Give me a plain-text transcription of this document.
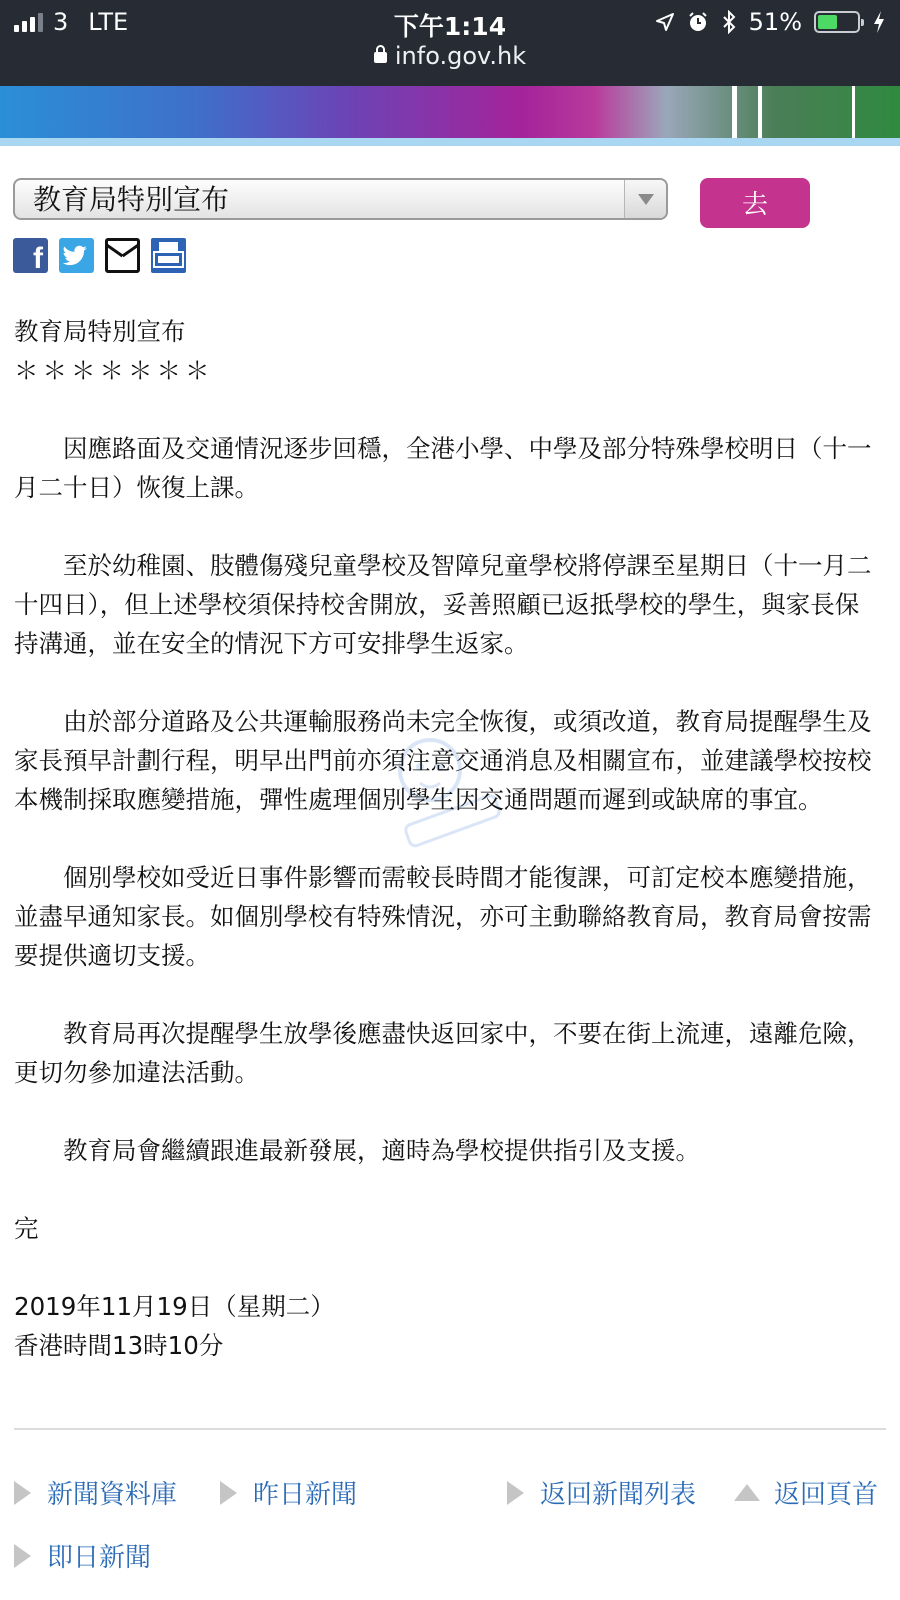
3 LTE	下午1:14
info.gov.hk
51%
教育局特別宣布	去
f

教育局特別宣布

＊＊＊＊＊＊＊

因應路面及交通情況逐步回穩，全港小學、中學及部分特殊學校明日（十一月二十日）恢復上課。

至於幼稚園、肢體傷殘兒童學校及智障兒童學校將停課至星期日（十一月二十四日），但上述學校須保持校舍開放，妥善照顧已返抵學校的學生，與家長保持溝通，並在安全的情況下方可安排學生返家。

由於部分道路及公共運輸服務尚未完全恢復，或須改道，教育局提醒學生及家長預早計劃行程，明早出門前亦須注意交通消息及相關宣布，並建議學校按校本機制採取應變措施，彈性處理個別學生因交通問題而遲到或缺席的事宜。

個別學校如受近日事件影響而需較長時間才能復課，可訂定校本應變措施，並盡早通知家長。如個別學校有特殊情況，亦可主動聯絡教育局，教育局會按需要提供適切支援。

教育局再次提醒學生放學後應盡快返回家中，不要在街上流連，遠離危險，更切勿參加違法活動。

教育局會繼續跟進最新發展，適時為學校提供指引及支援。

完

2019年11月19日（星期二）

香港時間13時10分

新聞資料庫	昨日新聞	返回新聞列表	返回頁首
即日新聞
